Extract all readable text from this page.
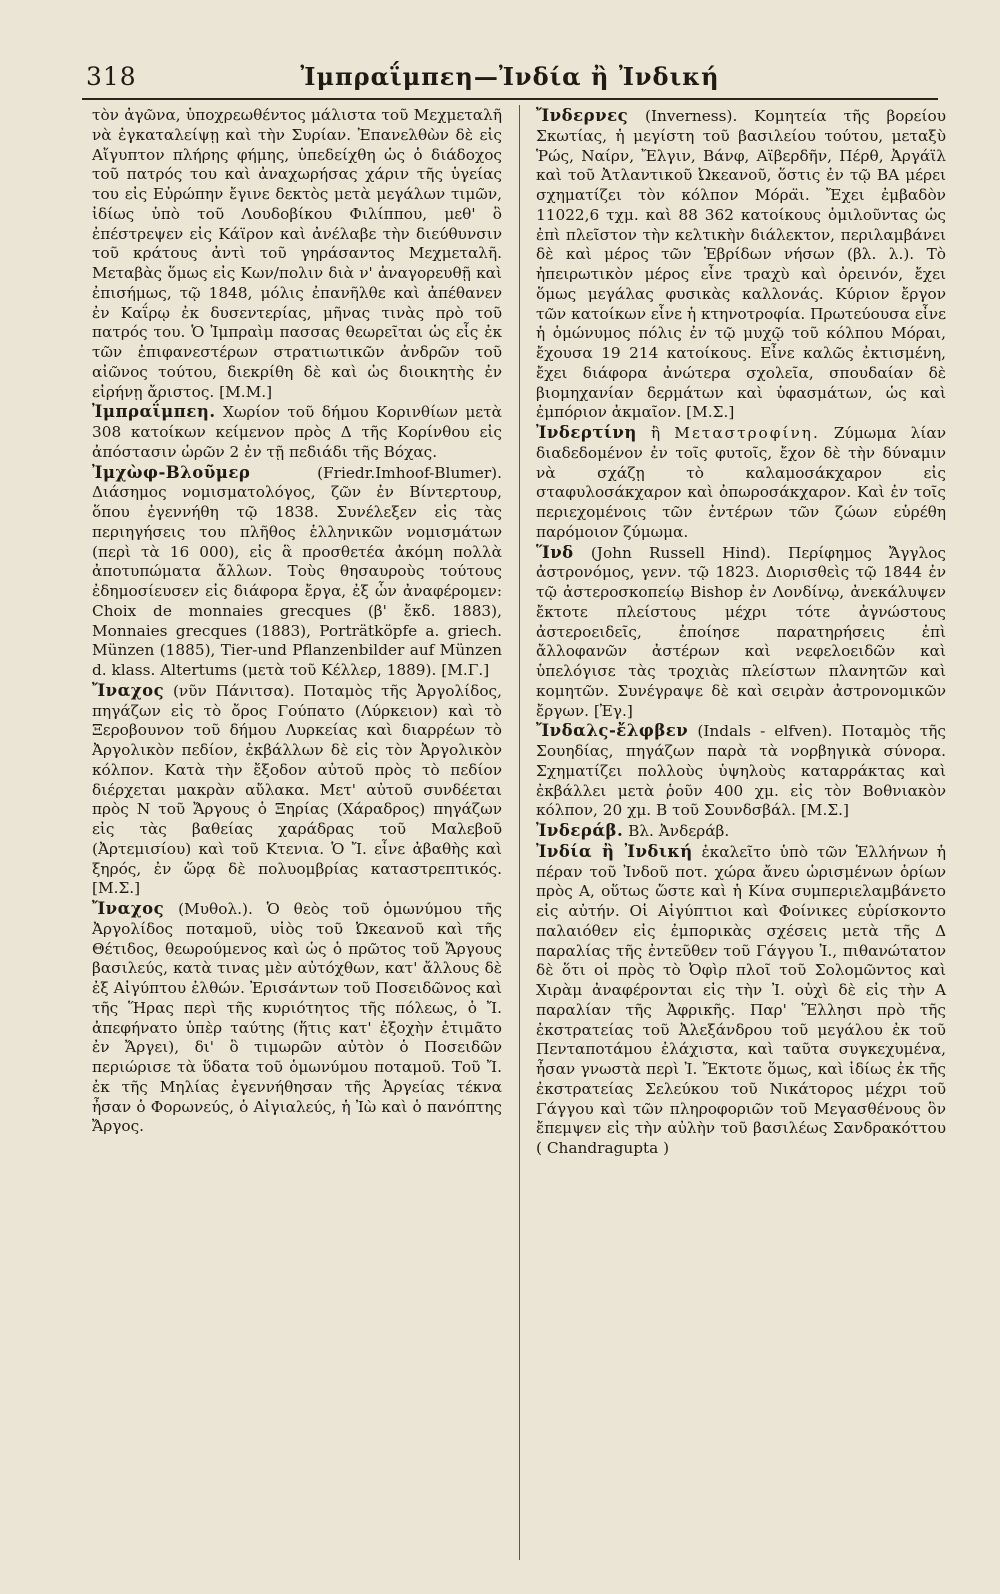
318	Ἰμπραΐμπεη—Ἰνδία ἢ Ἰνδική

τὸν ἀγῶνα, ὑποχρεωθέντος μάλιστα τοῦ Μεχμεταλῆ νὰ ἐγκαταλείψῃ καὶ τὴν Συρίαν. Ἐπανελθὼν δὲ εἰς Αἴγυπτον πλήρης φήμης, ὑπεδείχθη ὡς ὁ διάδοχος τοῦ πατρός του καὶ ἀναχωρήσας χάριν τῆς ὑγείας του εἰς Εὐρώπην ἔγινε δεκτὸς μετὰ μεγάλων τιμῶν, ἰδίως ὑπὸ τοῦ Λουδοβίκου Φιλίππου, μεθ' ὃ ἐπέστρεψεν εἰς Κάϊρον καὶ ἀνέλαβε τὴν διεύθυνσιν τοῦ κράτους ἀντὶ τοῦ γηράσαντος Μεχμεταλῆ. Μεταβὰς ὅμως εἰς Κων/πολιν διὰ ν' ἀναγορευθῇ καὶ ἐπισήμως, τῷ 1848, μόλις ἐπανῆλθε καὶ ἀπέθανεν ἐν Καΐρῳ ἐκ δυσεντερίας, μῆνας τινὰς πρὸ τοῦ πατρός του. Ὁ Ἰμπραὶμ πασσας θεωρεῖται ὡς εἷς ἐκ τῶν ἐπιφανεστέρων στρατιωτικῶν ἀνδρῶν τοῦ αἰῶνος τούτου, διεκρίθη δὲ καὶ ὡς διοικητὴς ἐν εἰρήνῃ ἄριστος. [Μ.Μ.]

Ἰμπραΐμπεη. Χωρίον τοῦ δήμου Κορινθίων μετὰ 308 κατοίκων κείμενον πρὸς Δ τῆς Κορίνθου εἰς ἀπόστασιν ὡρῶν 2 ἐν τῇ πεδιάδι τῆς Βόχας.

Ἰμχὼφ-Βλοῦμερ (Friedr.Imhoof-Blumer). Διάσημος νομισματολόγος, ζῶν ἐν Βίντερτουρ, ὅπου ἐγεννήθη τῷ 1838. Συνέλεξεν εἰς τὰς περιηγήσεις του πλῆθος ἑλληνικῶν νομισμάτων (περὶ τὰ 16 000), εἰς ἃ προσθετέα ἀκόμη πολλὰ ἀποτυπώματα ἄλλων. Τοὺς θησαυροὺς τούτους ἐδημοσίευσεν εἰς διάφορα ἔργα, ἐξ ὧν ἀναφέρομεν: Choix de monnaies grecques (β' ἔκδ. 1883), Monnaies grecques (1883), Porträtköpfe a. griech. Münzen (1885), Tier-und Pflanzenbilder auf Münzen d. klass. Altertums (μετὰ τοῦ Κέλλερ, 1889). [Μ.Γ.]

Ἴναχος (νῦν Πάνιτσα). Ποταμὸς τῆς Ἀργολίδος, πηγάζων εἰς τὸ ὄρος Γούπατο (Λύρκειον) καὶ τὸ Ξεροβουνον τοῦ δήμου Λυρκείας καὶ διαρρέων τὸ Ἀργολικὸν πεδίον, ἐκβάλλων δὲ εἰς τὸν Ἀργολικὸν κόλπον. Κατὰ τὴν ἔξοδον αὐτοῦ πρὸς τὸ πεδίον διέρχεται μακρὰν αὔλακα. Μετ' αὐτοῦ συνδέεται πρὸς Ν τοῦ Ἄργους ὁ Ξηρίας (Χάραδρος) πηγάζων εἰς τὰς βαθείας χαράδρας τοῦ Μαλεβοῦ (Ἀρτεμισίου) καὶ τοῦ Κτενια. Ὁ Ἴ. εἶνε ἀβαθὴς καὶ ξηρός, ἐν ὥρᾳ δὲ πολυομβρίας καταστρεπτικός. [Μ.Σ.]

Ἴναχος (Μυθολ.). Ὁ θεὸς τοῦ ὁμωνύμου τῆς Ἀργολίδος ποταμοῦ, υἱὸς τοῦ Ὠκεανοῦ καὶ τῆς Θέτιδος, θεωρούμενος καὶ ὡς ὁ πρῶτος τοῦ Ἄργους βασιλεύς, κατὰ τινας μὲν αὐτόχθων, κατ' ἄλλους δὲ ἐξ Αἰγύπτου ἐλθών. Ἐρισάντων τοῦ Ποσειδῶνος καὶ τῆς Ἥρας περὶ τῆς κυριότητος τῆς πόλεως, ὁ Ἴ. ἀπεφήνατο ὑπὲρ ταύτης (ἥτις κατ' ἐξοχὴν ἐτιμᾶτο ἐν Ἄργει), δι' ὃ τιμωρῶν αὐτὸν ὁ Ποσειδῶν περιώρισε τὰ ὕδατα τοῦ ὁμωνύμου ποταμοῦ. Τοῦ Ἴ. ἐκ τῆς Μηλίας ἐγεννήθησαν τῆς Ἀργείας τέκνα ἦσαν ὁ Φορωνεύς, ὁ Αἰγιαλεύς, ἡ Ἰὼ καὶ ὁ πανόπτης Ἄργος.

Ἴνδερνες (Inverness). Κομητεία τῆς βορείου Σκωτίας, ἡ μεγίστη τοῦ βασιλείου τούτου, μεταξὺ Ῥώς, Ναίρν, Ἔλγιν, Βάνφ, Αϊβερδῆν, Πέρθ, Ἀργάϊλ καὶ τοῦ Ἀτλαντικοῦ Ὠκεανοῦ, ὅστις ἐν τῷ ΒΑ μέρει σχηματίζει τὸν κόλπον Μόρα̈ι. Ἔχει ἐμβαδὸν 11022,6 τχμ. καὶ 88 362 κατοίκους ὁμιλοῦντας ὡς ἐπὶ πλεῖστον τὴν κελτικὴν διάλεκτον, περιλαμβάνει δὲ καὶ μέρος τῶν Ἑβρίδων νήσων (βλ. λ.). Τὸ ἠπειρωτικὸν μέρος εἶνε τραχὺ καὶ ὀρεινόν, ἔχει ὅμως μεγάλας φυσικὰς καλλονάς. Κύριον ἔργον τῶν κατοίκων εἶνε ἡ κτηνοτροφία. Πρωτεύουσα εἶνε ἡ ὁμώνυμος πόλις ἐν τῷ μυχῷ τοῦ κόλπου Μόραι, ἔχουσα 19 214 κατοίκους. Εἶνε καλῶς ἐκτισμένη, ἔχει διάφορα ἀνώτερα σχολεῖα, σπουδαίαν δὲ βιομηχανίαν δερμάτων καὶ ὑφασμάτων, ὡς καὶ ἐμπόριον ἀκμαῖον. [Μ.Σ.]

Ἰνδερτίνη ἢ Μεταστροφίνη. Ζύμωμα λίαν διαδεδομένον ἐν τοῖς φυτοῖς, ἔχον δὲ τὴν δύναμιν νὰ σχάζῃ τὸ καλαμοσάκχαρον εἰς σταφυλοσάκχαρον καὶ ὀπωροσάκχαρον. Καὶ ἐν τοῖς περιεχομένοις τῶν ἐντέρων τῶν ζώων εὑρέθη παρόμοιον ζύμωμα.

Ἵνδ (John Russell Hind). Περίφημος Ἄγγλος ἀστρονόμος, γενν. τῷ 1823. Διορισθεὶς τῷ 1844 ἐν τῷ ἀστεροσκοπείῳ Bishop ἐν Λονδίνῳ, ἀνεκάλυψεν ἔκτοτε πλείστους μέχρι τότε ἀγνώστους ἀστεροειδεῖς, ἐποίησε παρατηρήσεις ἐπὶ ἄλλοφανῶν ἀστέρων καὶ νεφελοειδῶν καὶ ὑπελόγισε τὰς τροχιὰς πλείστων πλανητῶν καὶ κομητῶν. Συνέγραψε δὲ καὶ σειρὰν ἀστρονομικῶν ἔργων. [Ἐγ.]

Ἴνδαλς-ἔλφβεν (Indals - elfven). Ποταμὸς τῆς Σουηδίας, πηγάζων παρὰ τὰ νορβηγικὰ σύνορα. Σχηματίζει πολλοὺς ὑψηλοὺς καταρράκτας καὶ ἐκβάλλει μετὰ ῥοῦν 400 χμ. εἰς τὸν Βοθνιακὸν κόλπον, 20 χμ. Β τοῦ Σουνδσβάλ. [Μ.Σ.]

Ἰνδεράβ. Βλ. Ἀνδεράβ.

Ἰνδία ἢ Ἰνδική ἐκαλεῖτο ὑπὸ τῶν Ἑλλήνων ἡ πέραν τοῦ Ἰνδοῦ ποτ. χώρα ἄνευ ὡρισμένων ὁρίων πρὸς Α, οὕτως ὥστε καὶ ἡ Κίνα συμπεριελαμβάνετο εἰς αὐτήν. Οἱ Αἰγύπτιοι καὶ Φοίνικες εὑρίσκοντο παλαιόθεν εἰς ἐμπορικὰς σχέσεις μετὰ τῆς Δ παραλίας τῆς ἐντεῦθεν τοῦ Γάγγου Ἰ., πιθανώτατον δὲ ὅτι οἱ πρὸς τὸ Ὀφὶρ πλοῖ τοῦ Σολομῶντος καὶ Χιρὰμ ἀναφέρονται εἰς τὴν Ἰ. οὐχὶ δὲ εἰς τὴν Α παραλίαν τῆς Ἀφρικῆς. Παρ' Ἕλλησι πρὸ τῆς ἐκστρατείας τοῦ Ἀλεξάνδρου τοῦ μεγάλου ἐκ τοῦ Πενταποτάμου ἐλάχιστα, καὶ ταῦτα συγκεχυμένα, ἦσαν γνωστὰ περὶ Ἰ. Ἔκτοτε ὅμως, καὶ ἰδίως ἐκ τῆς ἐκστρατείας Σελεύκου τοῦ Νικάτορος μέχρι τοῦ Γάγγου καὶ τῶν πληροφοριῶν τοῦ Μεγασθένους ὃν ἔπεμψεν εἰς τὴν αὐλὴν τοῦ βασιλέως Σανδρακόττου ( Chandragupta )
